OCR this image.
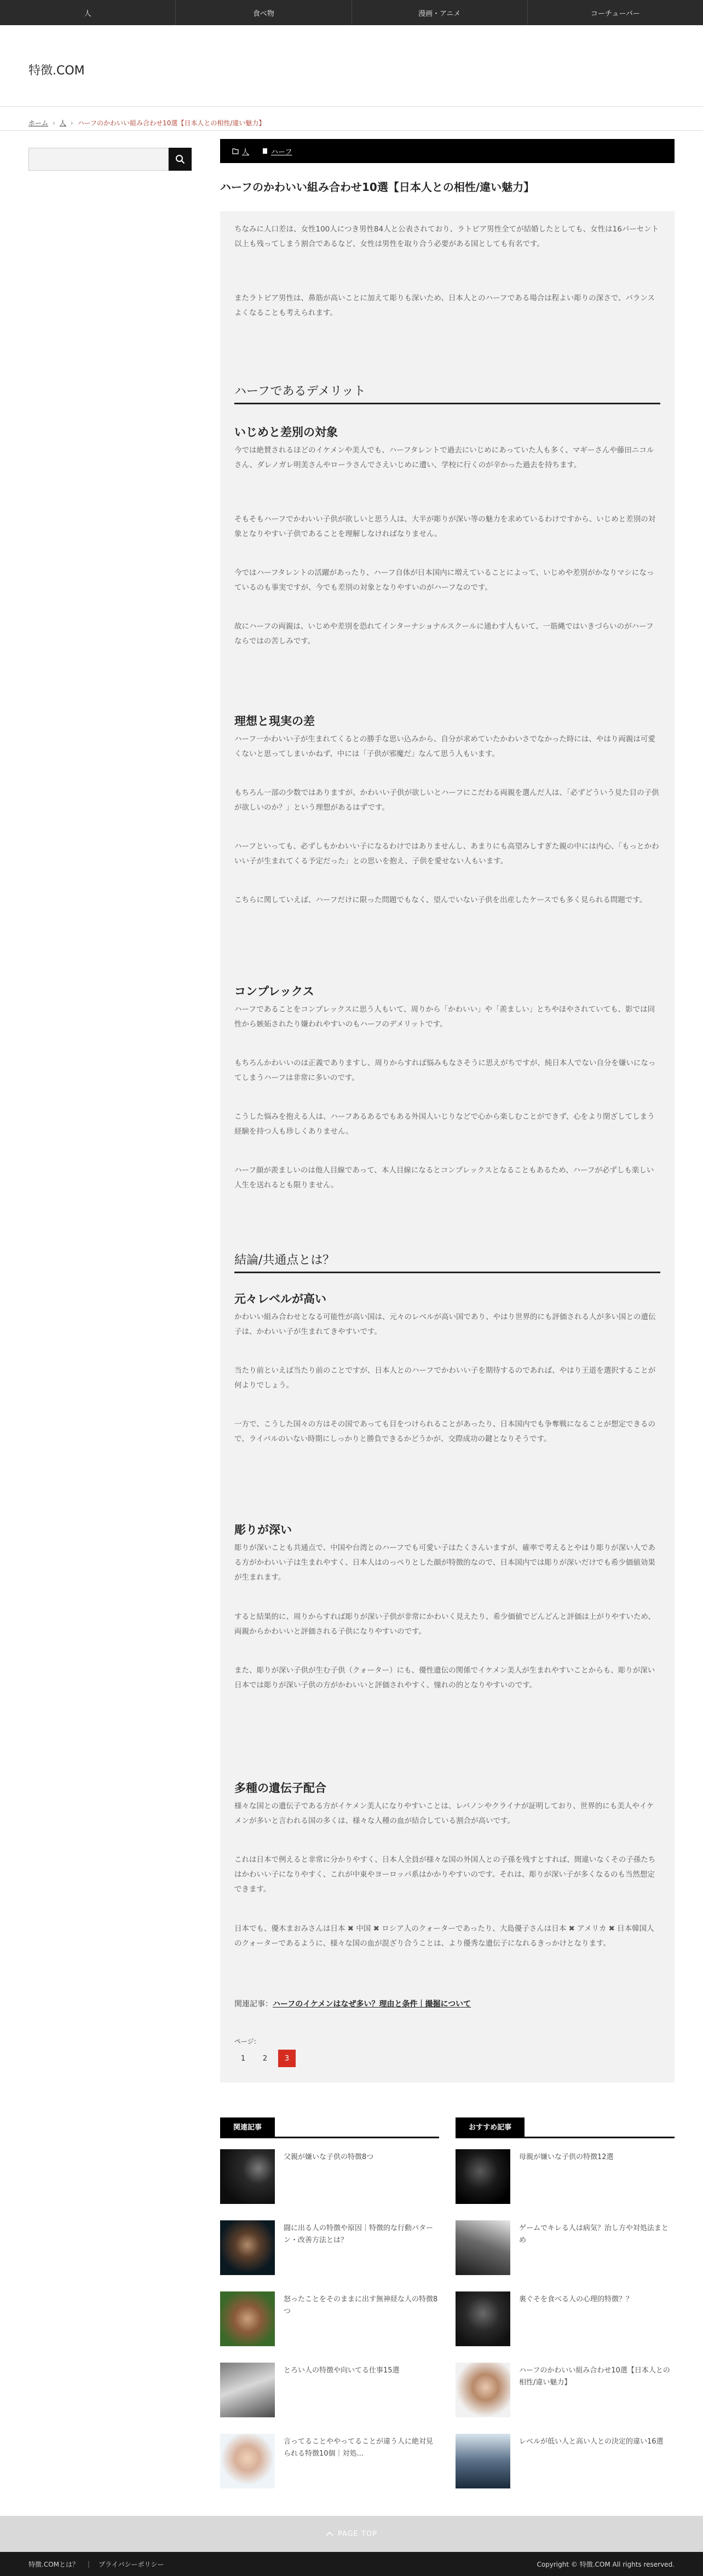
人	食べ物	漫画・アニメ	コーチューバー
特徴.COM
ホーム › 人 › ハーフのかわいい組み合わせ10選【日本人との相性/違い魅力】
人	ハーフ
ハーフのかわいい組み合わせ10選【日本人との相性/違い魅力】

ちなみに人口差は、女性100人につき男性84人と公表されており、ラトビア男性全てが結婚したとしても、女性は16パーセント以上も残ってしまう割合であるなど、女性は男性を取り合う必要がある国としても有名です。

またラトビア男性は、鼻筋が高いことに加えて彫りも深いため、日本人とのハーフである場合は程よい彫りの深さで、バランスよくなることも考えられます。

ハーフであるデメリット
いじめと差別の対象

今では絶賛されるほどのイケメンや美人でも、ハーフタレントで過去にいじめにあっていた人も多く、マギーさんや藤田ニコルさん、ダレノガレ明美さんやローラさんでさえいじめに遭い、学校に行くのが辛かった過去を持ちます。

そもそもハーフでかわいい子供が欲しいと思う人は、大半が彫りが深い等の魅力を求めているわけですから、いじめと差別の対象となりやすい子供であることを理解しなければなりません。

今ではハーフタレントの活躍があったり、ハーフ自体が日本国内に増えていることによって、いじめや差別がかなりマシになっているのも事実ですが、今でも差別の対象となりやすいのがハーフなのです。

故にハーフの両親は、いじめや差別を恐れてインターナショナルスクールに通わす人もいて、一筋縄ではいきづらいのがハーフならではの苦しみです。

理想と現実の差

ハーフ一かわいい子が生まれてくるとの勝手な思い込みから、自分が求めていたかわいさでなかった時には、やはり両親は可愛くないと思ってしまいかねず、中には「子供が邪魔だ」なんて思う人もいます。

もちろん一部の少数ではありますが、かわいい子供が欲しいとハーフにこだわる両親を選んだ人は、「必ずどういう見た目の子供が欲しいのか？」という理想があるはずです。

ハーフといっても、必ずしもかわいい子になるわけではありませんし、あまりにも高望みしすぎた親の中には内心、「もっとかわいい子が生まれてくる予定だった」との思いを抱え、子供を愛せない人もいます。

こちらに関していえば、ハーフだけに限った問題でもなく、望んでいない子供を出産したケースでも多く見られる問題です。

コンプレックス

ハーフであることをコンプレックスに思う人もいて、周りから「かわいい」や「羨ましい」とちやほやされていても、影では同性から嫉妬されたり嫌われやすいのもハーフのデメリットです。

もちろんかわいいのは正義でありますし、周りからすれば悩みもなさそうに思えがちですが、純日本人でない自分を嫌いになってしまうハーフは非常に多いのです。

こうした悩みを抱える人は、ハーフあるあるでもある外国人いじりなどで心から楽しむことができず、心をより閉ざしてしまう経験を持つ人も珍しくありません。

ハーフ顔が羨ましいのは他人目線であって、本人目線になるとコンプレックスとなることもあるため、ハーフが必ずしも楽しい人生を送れるとも限りません。

結論/共通点とは？
元々レベルが高い

かわいい組み合わせとなる可能性が高い国は、元々のレベルが高い国であり、やはり世界的にも評価される人が多い国との遺伝子は、かわいい子が生まれてきやすいです。

当たり前といえば当たり前のことですが、日本人とのハーフでかわいい子を期待するのであれば、やはり王道を選択することが何よりでしょう。

一方で、こうした国々の方はその国であっても目をつけられることがあったり、日本国内でも争奪戦になることが想定できるので、ライバルのいない時期にしっかりと勝負できるかどうかが、交際成功の鍵となりそうです。

彫りが深い

彫りが深いことも共通点で、中国や台湾とのハーフでも可愛い子はたくさんいますが、確率で考えるとやはり彫りが深い人である方がかわいい子は生まれやすく、日本人はのっぺりとした顔が特徴的なので、日本国内では彫りが深いだけでも希少価値効果が生まれます。

すると結果的に、周りからすれば彫りが深い子供が非常にかわいく見えたり、希少価値でどんどんと評価は上がりやすいため、両親からかわいいと評価される子供になりやすいのです。

また、彫りが深い子供が生む子供（クォーター）にも、優性遺伝の関係でイケメン美人が生まれやすいことからも、彫りが深い日本では彫りが深い子供の方がかわいいと評価されやすく、憧れの的となりやすいのです。

多種の遺伝子配合

様々な国との遺伝子である方がイケメン美人になりやすいことは、レバノンやクライナが証明しており、世界的にも美人やイケメンが多いと言われる国の多くは、様々な人種の血が結合している割合が高いです。

これは日本で例えると非常に分かりやすく、日本人全員が様々な国の外国人との子孫を残すとすれば、間違いなくその子孫たちはかわいい子になりやすく、これが中東やヨーロッパ系はかかりやすいのです。それは、彫りが深い子が多くなるのも当然想定できます。

日本でも、優木まおみさんは日本 ✖ 中国 ✖ ロシア人のクォーターであったり、大島優子さんは日本 ✖ アメリカ ✖ 日本韓国人のクォーターであるように、様々な国の血が混ざり合うことは、より優秀な遺伝子になれるきっかけとなります。

関連記事：ハーフのイケメンはなぜ多い？理由と条件｜撮掘について
ページ:
1	2	3
関連記事	おすすめ記事
父親が嫌いな子供の特徴8つ
闘に出る人の特徴や原因｜特徴的な行動パターン・改善方法とは？
怒ったことをそのままに出す無神経な人の特徴8つ
とろい人の特徴や向いてる仕事15選
言ってることややってることが違う人に絶対見られる特徴10個｜対処...
母親が嫌いな子供の特徴12選
ゲームでキレる人は病気？治し方や対処法まとめ
裏ぐそを食べる人の心理的特徴？？
ハーフのかわいい組み合わせ10選【日本人との相性/違い魅力】
レベルが低い人と高い人との決定的違い16選
PAGE TOP
特徴.COMとは？ | プライバシーポリシー	Copyright © 特徴.COM All rights reserved.
